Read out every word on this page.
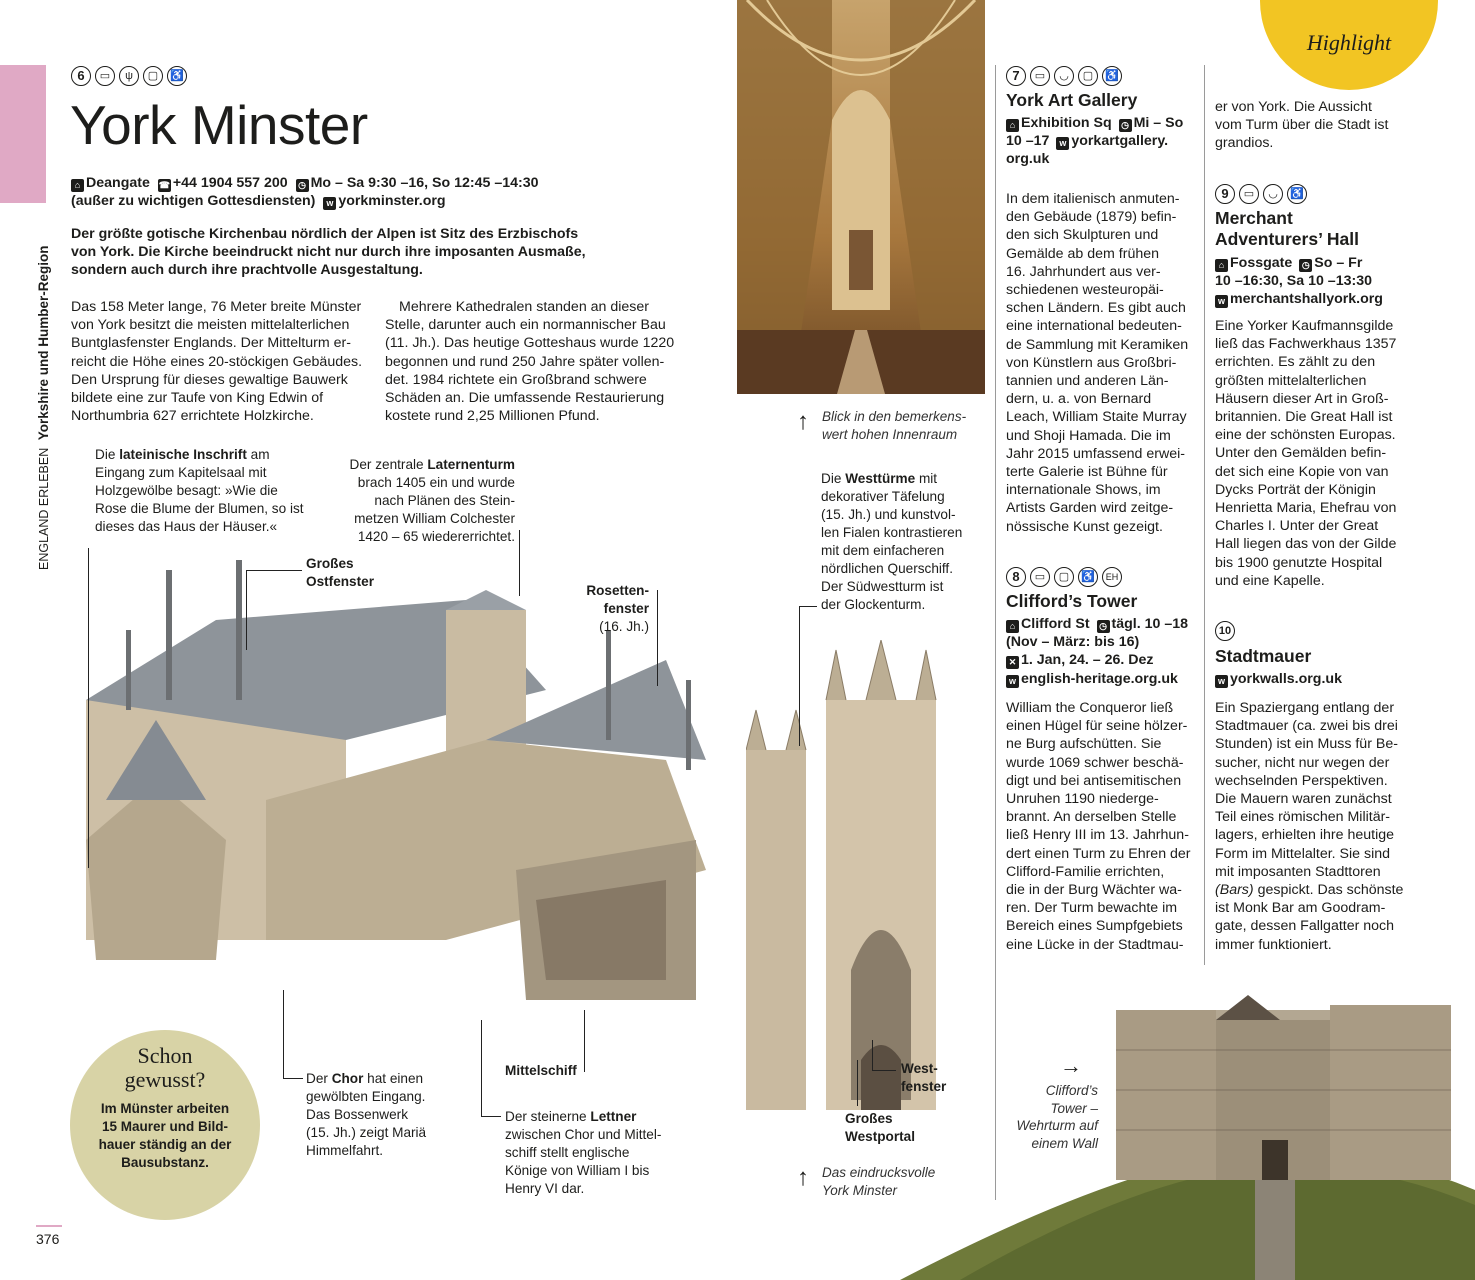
ENGLAND ERLEBEN Yorkshire und Humber-Region
376
6	▭	ψ	▢	♿
York Minster
⌂ Deangate ☎ +44 1904 557 200 ◷ Mo – Sa 9:30 –16, So 12:45 –14:30
(außer zu wichtigen Gottesdiensten) w yorkminster.org
Der größte gotische Kirchenbau nördlich der Alpen ist Sitz des Erzbischofs
von York. Die Kirche beeindruckt nicht nur durch ihre imposanten Ausmaße,
sondern auch durch ihre prachtvolle Ausgestaltung.
Das 158 Meter lange, 76 Meter breite Münster
von York besitzt die meisten mittelalterlichen
Buntglasfenster Englands. Der Mittelturm er-
reicht die Höhe eines 20-stöckigen Gebäudes.
Den Ursprung für dieses gewaltige Bauwerk
bildete eine zur Taufe von King Edwin of
Northumbria 627 errichtete Holzkirche.
Mehrere Kathedralen standen an dieser
Stelle, darunter auch ein normannischer Bau
(11. Jh.). Das heutige Gotteshaus wurde 1220
begonnen und rund 250 Jahre später vollen-
det. 1984 richtete ein Großbrand schwere
Schäden an. Die umfassende Restaurierung
kostete rund 2,25 Millionen Pfund.	↑ Blick in den bemerkens-
wert hohen Innenraum
Die lateinische Inschrift am
Eingang zum Kapitelsaal mit
Holzgewölbe besagt: »Wie die
Rose die Blume der Blumen, so ist
dieses das Haus der Häuser.«
Der zentrale Laternenturm
brach 1405 ein und wurde
nach Plänen des Stein-
metzen William Colchester
1420 – 65 wiedererrichtet.
Großes
Ostfenster
Rosetten-
fenster
(16. Jh.)
Die Westtürme mit
dekorativer Täfelung
(15. Jh.) und kunstvol-
len Fialen kontrastieren
mit dem einfacheren
nördlichen Querschiff.
Der Südwestturm ist
der Glockenturm.
Der Chor hat einen
gewölbten Eingang.
Das Bossenwerk
(15. Jh.) zeigt Mariä
Himmelfahrt.
Mittelschiff
Der steinerne Lettner
zwischen Chor und Mittel-
schiff stellt englische
Könige von William I bis
Henry VI dar.
West-
fenster
Großes
Westportal
↑ Das eindrucksvolle
York Minster
Schon
gewusst?
Im Münster arbeiten
15 Maurer und Bild-
hauer ständig an der
Bausubstanz.
Highlight
7	▭	◡	▢	♿
York Art Gallery
⌂ Exhibition Sq ◷ Mi – So
10 –17 w yorkartgallery.
org.uk
In dem italienisch anmuten-
den Gebäude (1879) befin-
den sich Skulpturen und
Gemälde ab dem frühen
16. Jahrhundert aus ver-
schiedenen westeuropäi-
schen Ländern. Es gibt auch
eine international bedeuten-
de Sammlung mit Keramiken
von Künstlern aus Großbri-
tannien und anderen Län-
dern, u. a. von Bernard
Leach, William Staite Murray
und Shoji Hamada. Die im
Jahr 2015 umfassend erwei-
terte Galerie ist Bühne für
internationale Shows, im
Artists Garden wird zeitge-
nössische Kunst gezeigt.
8	▭	▢	♿	EH
Clifford’s Tower
⌂ Clifford St ◷ tägl. 10 –18
(Nov – März: bis 16)
✕ 1. Jan, 24. – 26. Dez
w english-heritage.org.uk
William the Conqueror ließ
einen Hügel für seine hölzer-
ne Burg aufschütten. Sie
wurde 1069 schwer beschä-
digt und bei antisemitischen
Unruhen 1190 niederge-
brannt. An derselben Stelle
ließ Henry III im 13. Jahrhun-
dert einen Turm zu Ehren der
Clifford-Familie errichten,
die in der Burg Wächter wa-
ren. Der Turm bewachte im
Bereich eines Sumpfgebiets
eine Lücke in der Stadtmau-
er von York. Die Aussicht
vom Turm über die Stadt ist
grandios.
9	▭	◡	♿
Merchant
Adventurers’ Hall
⌂ Fossgate ◷ So – Fr
10 –16:30, Sa 10 –13:30
w merchantshallyork.org
Eine Yorker Kaufmannsgilde
ließ das Fachwerkhaus 1357
errichten. Es zählt zu den
größten mittelalterlichen
Häusern dieser Art in Groß-
britannien. Die Great Hall ist
eine der schönsten Europas.
Unter den Gemälden befin-
det sich eine Kopie von van
Dycks Porträt der Königin
Henrietta Maria, Ehefrau von
Charles I. Unter der Great
Hall liegen das von der Gilde
bis 1900 genutzte Hospital
und eine Kapelle.
10
Stadtmauer
w yorkwalls.org.uk
Ein Spaziergang entlang der
Stadtmauer (ca. zwei bis drei
Stunden) ist ein Muss für Be-
sucher, nicht nur wegen der
wechselnden Perspektiven.
Die Mauern waren zunächst
Teil eines römischen Militär-
lagers, erhielten ihre heutige
Form im Mittelalter. Sie sind
mit imposanten Stadttoren
(Bars) gespickt. Das schönste
ist Monk Bar am Goodram-
gate, dessen Fallgatter noch
immer funktioniert.
→
Clifford’s
Tower –
Wehrturm auf
einem Wall
